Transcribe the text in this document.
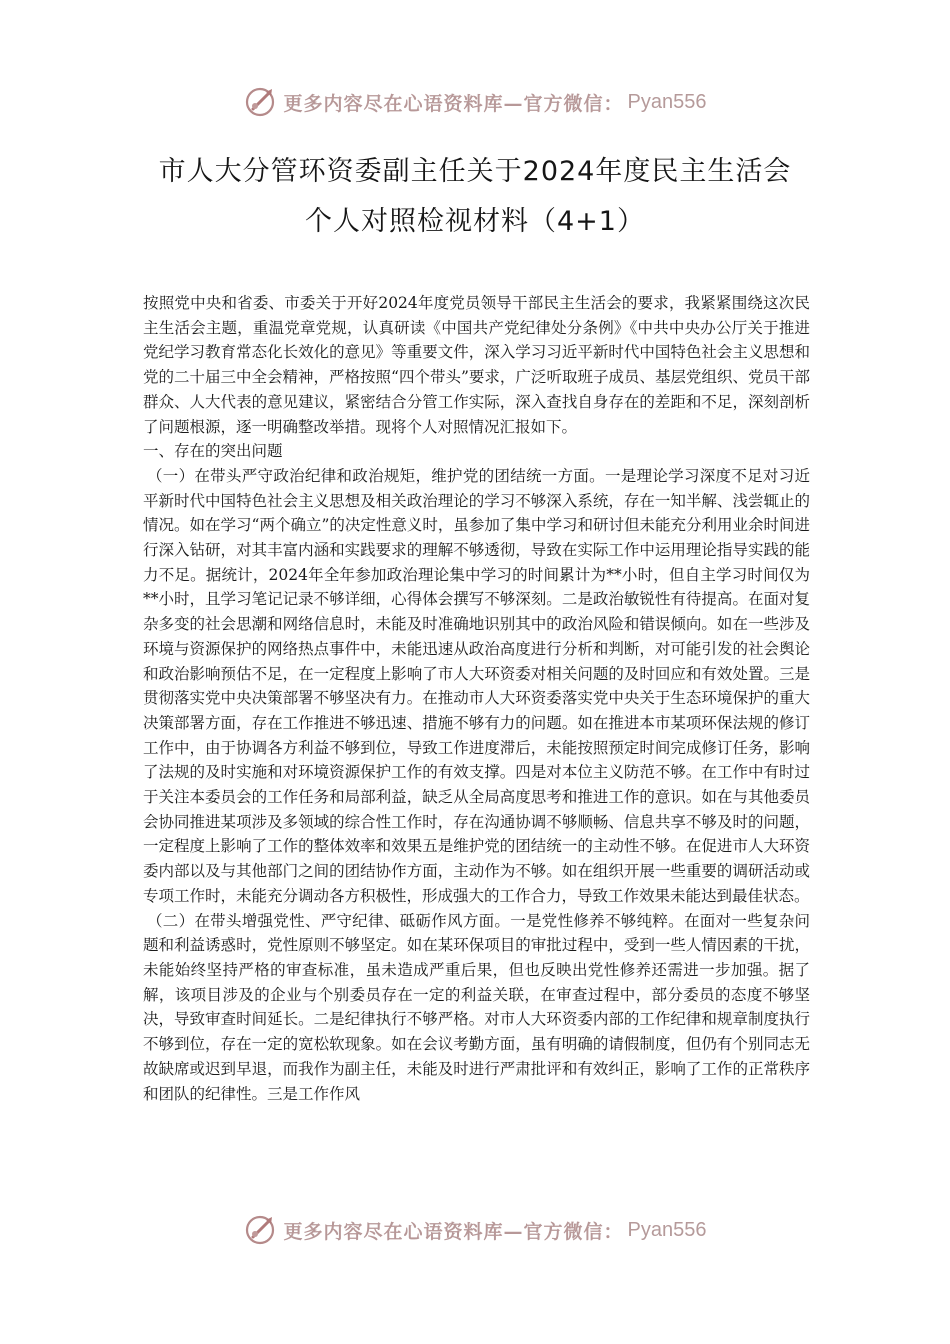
更多内容尽在心语资料库—官方微信： Pyan556
市人大分管环资委副主任关于2024年度民主生活会
个人对照检视材料（4+1）

按照党中央和省委、市委关于开好2024年度党员领导干部民主生活会的要求，我紧紧围绕这次民主生活会主题，重温党章党规，认真研读《中国共产党纪律处分条例》《中共中央办公厅关于推进党纪学习教育常态化长效化的意见》等重要文件，深入学习习近平新时代中国特色社会主义思想和党的二十届三中全会精神，严格按照“四个带头”要求，广泛听取班子成员、基层党组织、党员干部群众、人大代表的意见建议，紧密结合分管工作实际，深入查找自身存在的差距和不足，深刻剖析了问题根源，逐一明确整改举措。现将个人对照情况汇报如下。

一、存在的突出问题

（一）在带头严守政治纪律和政治规矩，维护党的团结统一方面。一是理论学习深度不足对习近平新时代中国特色社会主义思想及相关政治理论的学习不够深入系统，存在一知半解、浅尝辄止的情况。如在学习“两个确立”的决定性意义时，虽参加了集中学习和研讨但未能充分利用业余时间进行深入钻研，对其丰富内涵和实践要求的理解不够透彻，导致在实际工作中运用理论指导实践的能力不足。据统计，2024年全年参加政治理论集中学习的时间累计为**小时，但自主学习时间仅为**小时，且学习笔记记录不够详细，心得体会撰写不够深刻。二是政治敏锐性有待提高。在面对复杂多变的社会思潮和网络信息时，未能及时准确地识别其中的政治风险和错误倾向。如在一些涉及环境与资源保护的网络热点事件中，未能迅速从政治高度进行分析和判断，对可能引发的社会舆论和政治影响预估不足，在一定程度上影响了市人大环资委对相关问题的及时回应和有效处置。三是贯彻落实党中央决策部署不够坚决有力。在推动市人大环资委落实党中央关于生态环境保护的重大决策部署方面，存在工作推进不够迅速、措施不够有力的问题。如在推进本市某项环保法规的修订工作中，由于协调各方利益不够到位，导致工作进度滞后，未能按照预定时间完成修订任务，影响了法规的及时实施和对环境资源保护工作的有效支撑。四是对本位主义防范不够。在工作中有时过于关注本委员会的工作任务和局部利益，缺乏从全局高度思考和推进工作的意识。如在与其他委员会协同推进某项涉及多领域的综合性工作时，存在沟通协调不够顺畅、信息共享不够及时的问题，一定程度上影响了工作的整体效率和效果五是维护党的团结统一的主动性不够。在促进市人大环资委内部以及与其他部门之间的团结协作方面，主动作为不够。如在组织开展一些重要的调研活动或专项工作时，未能充分调动各方积极性，形成强大的工作合力，导致工作效果未能达到最佳状态。

（二）在带头增强党性、严守纪律、砥砺作风方面。一是党性修养不够纯粹。在面对一些复杂问题和利益诱惑时，党性原则不够坚定。如在某环保项目的审批过程中，受到一些人情因素的干扰，未能始终坚持严格的审查标准，虽未造成严重后果，但也反映出党性修养还需进一步加强。据了解，该项目涉及的企业与个别委员存在一定的利益关联，在审查过程中，部分委员的态度不够坚决，导致审查时间延长。二是纪律执行不够严格。对市人大环资委内部的工作纪律和规章制度执行不够到位，存在一定的宽松软现象。如在会议考勤方面，虽有明确的请假制度，但仍有个别同志无故缺席或迟到早退，而我作为副主任，未能及时进行严肃批评和有效纠正，影响了工作的正常秩序和团队的纪律性。三是工作作风

更多内容尽在心语资料库—官方微信： Pyan556
